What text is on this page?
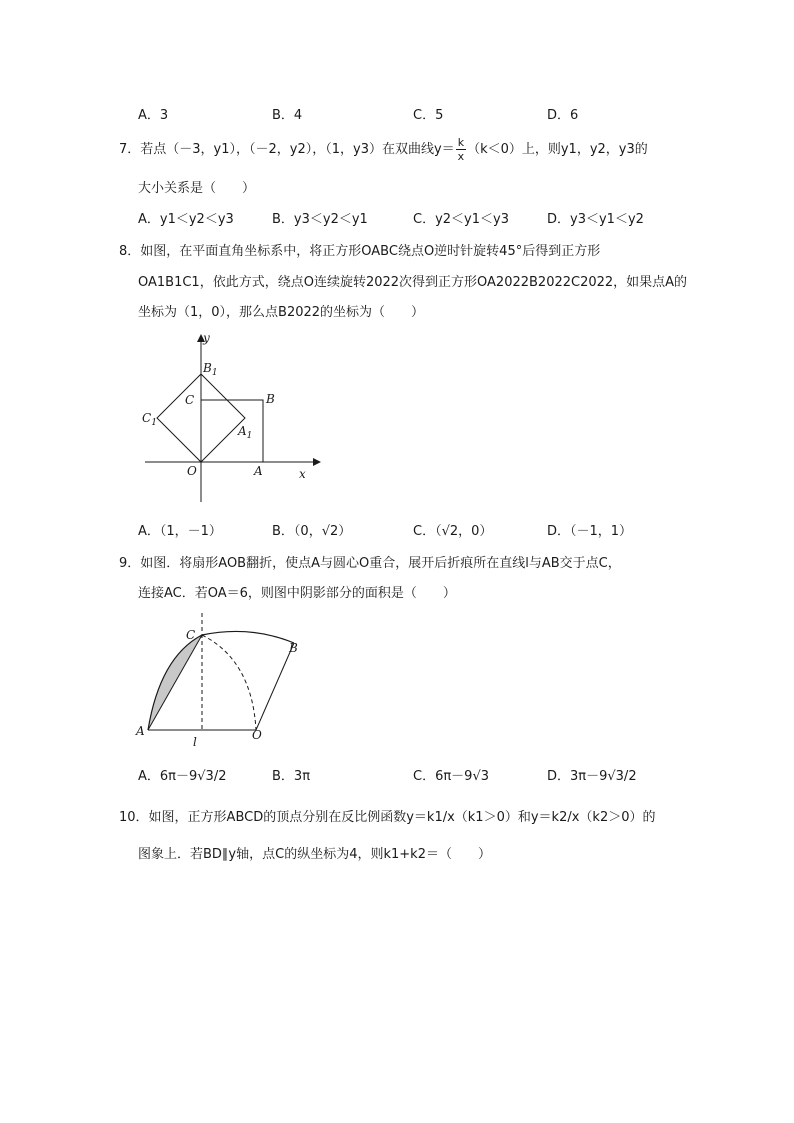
A．3	B．4	C．5	D．6
7．若点（－3，y1），（－2，y2），（1，y3）在双曲线$y= \frac{k}{x} (k<0)$上，则y1，y2，y3的
大小关系是（　　）
A．y1＜y2＜y3	B．y3＜y2＜y1	C．y2＜y1＜y3	D．y3＜y1＜y2
8．如图，在平面直角坐标系中，将正方形OABC绕点O逆时针旋转45°后得到正方形
OA1B1C1，依此方式，绕点O连续旋转2022次得到正方形OA2022B2022C2022，如果点A的
坐标为（1，0），那么点B2022的坐标为（　　）
y
$B_1$
C	B
$C_1$
$A_1$
O	A	x
A．（1，－1）	B．（0，√2）	C．（√2，0）	D．（－1，1）
9．如图．将扇形AOB翻折，使点A与圆心O重合，展开后折痕所在直线l与AB交于点C，
连接AC．若OA＝6，则图中阴影部分的面积是（　　）
C
B
A
l	O
A．6π－9√3/2	B．3π	C．6π－9√3	D．3π－9√3/2
10．如图，正方形ABCD的顶点分别在反比例函数y＝k1/x（k1＞0）和y＝k2/x（k2＞0）的
图象上．若BD∥y轴，点C的纵坐标为4，则k1+k2＝（　　）
